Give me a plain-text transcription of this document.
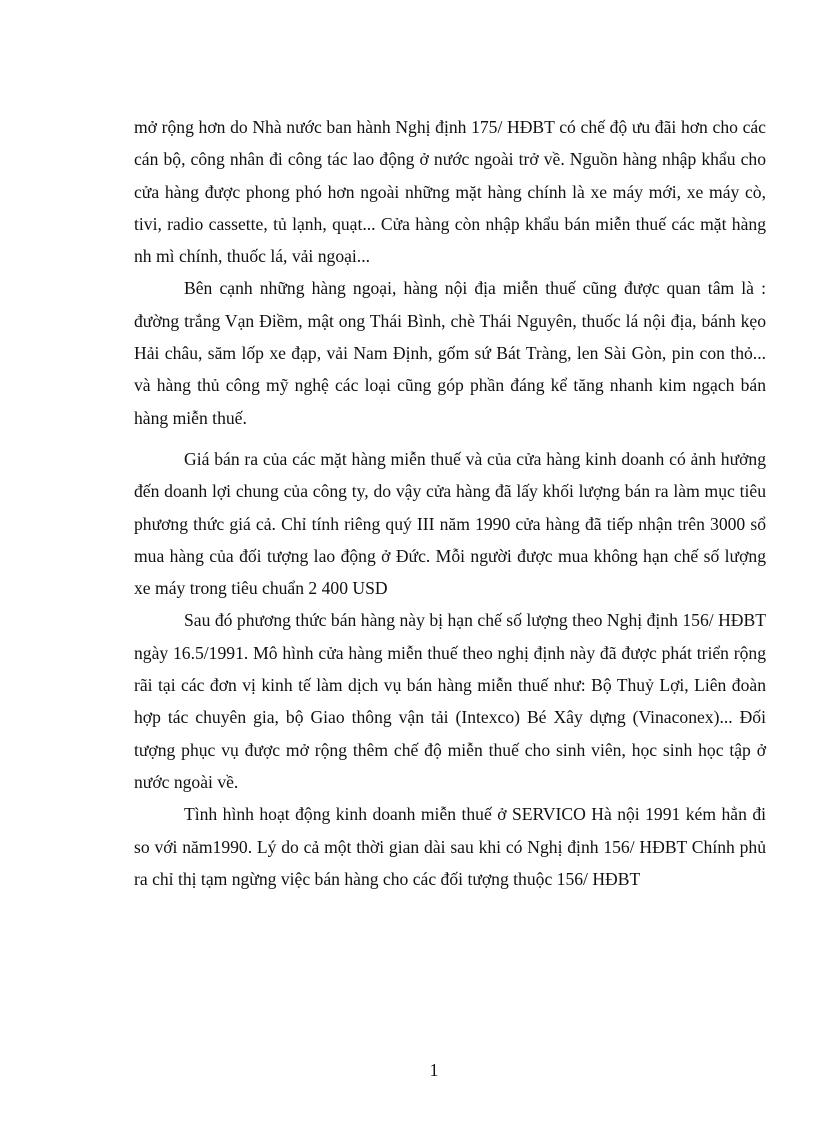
mở rộng hơn do Nhà nước ban hành Nghị định 175/ HĐBT có chế độ ưu đãi hơn cho các cán bộ, công nhân đi công tác lao động ở nước ngoài trở về. Nguồn hàng nhập khẩu cho cửa hàng được phong phó hơn ngoài những mặt hàng chính là xe máy mới, xe máy cò, tivi, radio cassette, tủ lạnh, quạt... Cửa hàng còn nhập khẩu bán miễn thuế các mặt hàng nh mì chính, thuốc lá, vải ngoại...

Bên cạnh những hàng ngoại, hàng nội địa miễn thuế cũng được quan tâm là : đường trắng Vạn Điềm, mật ong Thái Bình, chè Thái Nguyên, thuốc lá nội địa, bánh kẹo Hải châu, săm lốp xe đạp, vải Nam Định, gốm sứ Bát Tràng, len Sài Gòn, pin con thỏ... và hàng thủ công mỹ nghệ các loại cũng góp phần đáng kể tăng nhanh kim ngạch bán hàng miễn thuế.

Giá bán ra của các mặt hàng miễn thuế và của cửa hàng kinh doanh có ảnh hưởng đến doanh lợi chung của công ty, do vậy cửa hàng đã lấy khối lượng bán ra làm mục tiêu phương thức giá cả. Chỉ tính riêng quý III năm 1990 cửa hàng đã tiếp nhận trên 3000 sổ mua hàng của đối tượng lao động ở Đức. Mỗi người được mua không hạn chế số lượng xe máy trong tiêu chuẩn 2 400 USD

Sau đó phương thức bán hàng này bị hạn chế số lượng theo Nghị định 156/ HĐBT ngày 16.5/1991. Mô hình cửa hàng miễn thuế theo nghị định này đã được phát triển rộng rãi tại các đơn vị kinh tế làm dịch vụ bán hàng miễn thuế như: Bộ Thuỷ Lợi, Liên đoàn hợp tác chuyên gia, bộ Giao thông vận tải (Intexco) Bé Xây dựng (Vinaconex)... Đối tượng phục vụ được mở rộng thêm chế độ miễn thuế cho sinh viên, học sinh học tập ở nước ngoài về.

Tình hình hoạt động kinh doanh miễn thuế ở SERVICO Hà nội 1991 kém hẳn đi so với năm1990. Lý do cả một thời gian dài sau khi có Nghị định 156/ HĐBT Chính phủ ra chỉ thị tạm ngừng việc bán hàng cho các đối tượng thuộc 156/ HĐBT

1
